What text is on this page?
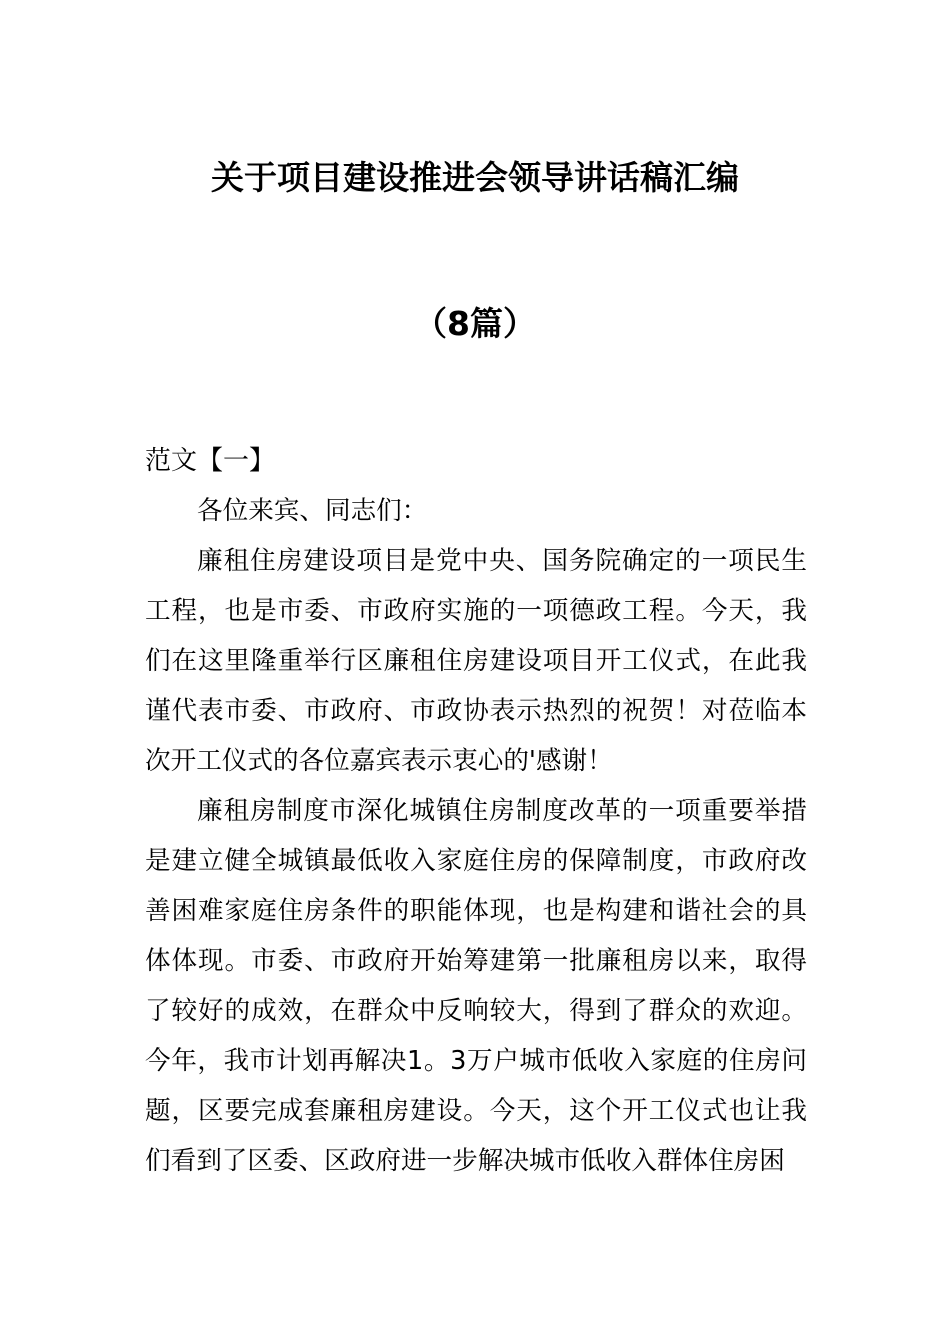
关于项目建设推进会领导讲话稿汇编
（8篇）
范文【一】

各位来宾、同志们：

廉租住房建设项目是党中央、国务院确定的一项民生工程，也是市委、市政府实施的一项德政工程。今天，我们在这里隆重举行区廉租住房建设项目开工仪式，在此我谨代表市委、市政府、市政协表示热烈的祝贺！对莅临本次开工仪式的各位嘉宾表示衷心的'感谢！

廉租房制度市深化城镇住房制度改革的一项重要举措是建立健全城镇最低收入家庭住房的保障制度，市政府改善困难家庭住房条件的职能体现，也是构建和谐社会的具体体现。市委、市政府开始筹建第一批廉租房以来，取得了较好的成效，在群众中反响较大，得到了群众的欢迎。今年，我市计划再解决1。3万户城市低收入家庭的住房问题，区要完成套廉租房建设。今天，这个开工仪式也让我们看到了区委、区政府进一步解决城市低收入群体住房困
